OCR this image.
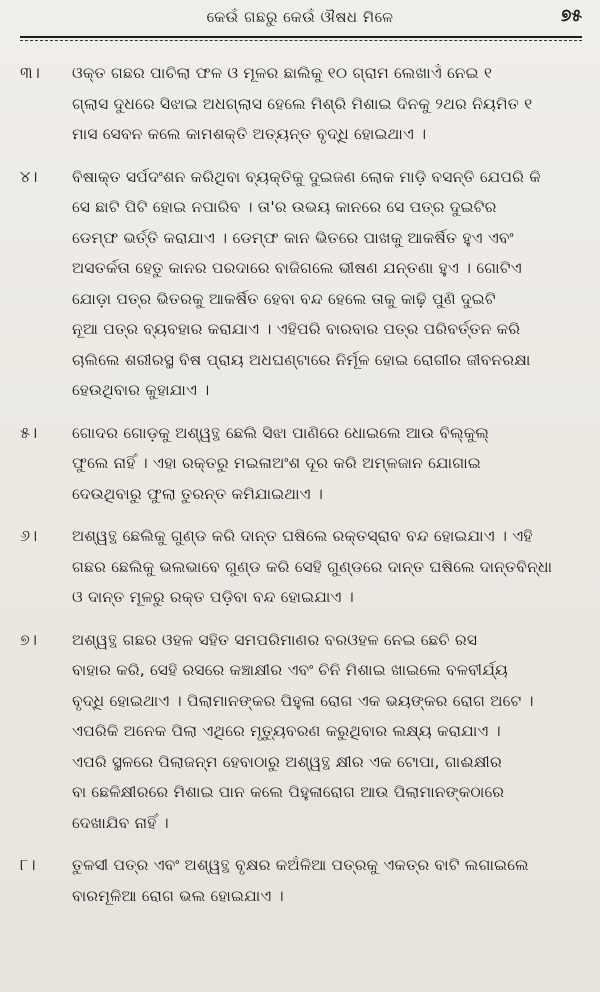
କେଉଁ ଗଛରୁ କେଉଁ ଔଷଧ ମିଳେ	୭୫
୩।	ଓକ୍ତ ଗଛର ପାଚିଲା ଫଳ ଓ ମୂଳର ଛାଲିକୁ ୧୦ ଗ୍ରାମ ଲେଖାଏଁ ନେଇ ୧
ଗ୍ଲାସ ଦୁଧରେ ସିଝାଇ ଅଧଗ୍ଲାସ ହେଲେ ମିଶ୍ରି ମିଶାଇ ଦିନକୁ ୨ଥର ନିୟମିତ ୧
ମାସ ସେବନ କଲେ କାମଶକ୍ତି ଅତ୍ୟନ୍ତ ବୃଦ୍ଧି ହୋଇଥାଏ ।
୪।	ବିଷାକ୍ତ ସର୍ପଦଂଶନ କରିଥିବା ବ୍ୟକ୍ତିକୁ ଦୁଇଜଣ ଲୋକ ମାଡ଼ି ବସନ୍ତି ଯେପରି କି
ସେ ଛାଟି ପିଟି ହୋଇ ନପାରିବ । ତା'ର ଉଭୟ କାନରେ ସେ ପତ୍ର ଦୁଇଟିର
ଡେମ୍ଫ ଭର୍ତ୍ତି କରାଯାଏ । ଡେମ୍ଫ କାନ ଭିତରେ ପାଖକୁ ଆକର୍ଷିତ ହୁଏ ଏବଂ
ଅସତର୍କତା ହେତୁ କାନର ପରଦାରେ ବାଜିଗଲେ ଭୀଷଣ ଯନ୍ତଣା ହୁଏ । ଗୋଟିଏ
ଯୋଡ଼ା ପତ୍ର ଭିତରକୁ ଆକର୍ଷିତ ହେବା ବନ୍ଦ ହେଲେ ତାକୁ କାଢ଼ି ପୁଣି ଦୁଇଟି
ନୂଆ ପତ୍ର ବ୍ୟବହାର କରାଯାଏ । ଏହିପରି ବାରବାର ପତ୍ର ପରିବର୍ତ୍ତନ କରି
ଚାଲିଲେ ଶରୀରସ୍ଥ ବିଷ ପ୍ରାୟ ଅଧଘଣ୍ଟାରେ ନିର୍ମୂଳ ହୋଇ ରୋଗୀର ଜୀବନରକ୍ଷା
ହେଉଥିବାର କୁହାଯାଏ ।
୫।	ଗୋଦର ଗୋଡ଼କୁ ଅଶ୍ୱତ୍ଥ ଛେଲି ସିଝା ପାଣିରେ ଧୋଇଲେ ଆଉ ବିଲ୍‌କୁଲ୍
ଫୁଲେ ନାହିଁ । ଏହା ରକ୍ତରୁ ମଇଳାଅଂଶ ଦୂର କରି ଅମ୍ଳଜାନ ଯୋଗାଇ
ଦେଉଥିବାରୁ ଫୁଲା ତୁରନ୍ତ କମିଯାଇଥାଏ ।
୬।	ଅଶ୍ୱତ୍ଥ ଛେଲିକୁ ଗୁଣ୍ଡ କରି ଦାନ୍ତ ଘଷିଲେ ରକ୍ତସ୍ରାବ ବନ୍ଦ ହୋଇଯାଏ । ଏହି
ଗଛର ଛେଲିକୁ ଭଲଭାବେ ଗୁଣ୍ଡ କରି ସେହି ଗୁଣ୍ଡରେ ଦାନ୍ତ ଘଷିଲେ ଦାନ୍ତବିନ୍ଧା
ଓ ଦାନ୍ତ ମୂଳରୁ ରକ୍ତ ପଡ଼ିବା ବନ୍ଦ ହୋଇଯାଏ ।
୭।	ଅଶ୍ୱତ୍ଥ ଗଛର ଓହଳ ସହିତ ସମପରିମାଣର ବରଓହଳ ନେଇ ଛେଚି ରସ
ବାହାର କରି, ସେହି ରସରେ କଞ୍ଚାକ୍ଷୀର ଏବଂ ଚିନି ମିଶାଇ ଖାଇଲେ ବଳବୀର୍ଯ୍ୟ
ବୃଦ୍ଧି ହୋଇଥାଏ । ପିଲାମାନଙ୍କର ପିହୁଳା ରୋଗ ଏକ ଭୟଙ୍କର ରୋଗ ଅଟେ ।
ଏପରିକି ଅନେକ ପିଲା ଏଥିରେ ମୃତ୍ୟୁବରଣ କରୁଥିବାର ଲକ୍ଷ୍ୟ କରାଯାଏ ।
ଏପରି ସ୍ଥଳରେ ପିଲାଜନ୍ମ ହେବାଠାରୁ ଅଶ୍ୱତ୍ଥ କ୍ଷୀର ଏକ ଟୋପା, ଗାଈକ୍ଷୀର
ବା ଛେଳିକ୍ଷୀରରେ ମିଶାଇ ପାନ କଲେ ପିହୁଳାରୋଗ ଆଉ ପିଲାମାନଙ୍କଠାରେ
ଦେଖାଯିବ ନାହିଁ ।
୮।	ତୁଳସୀ ପତ୍ର ଏବଂ ଅଶ୍ୱତ୍ଥ ବୃକ୍ଷର କଅଁଳିଆ ପତ୍ରକୁ ଏକତ୍ର ବାଟି ଲଗାଇଲେ
ବାରମୂଳିଆ ରୋଗ ଭଲ ହୋଇଯାଏ ।
